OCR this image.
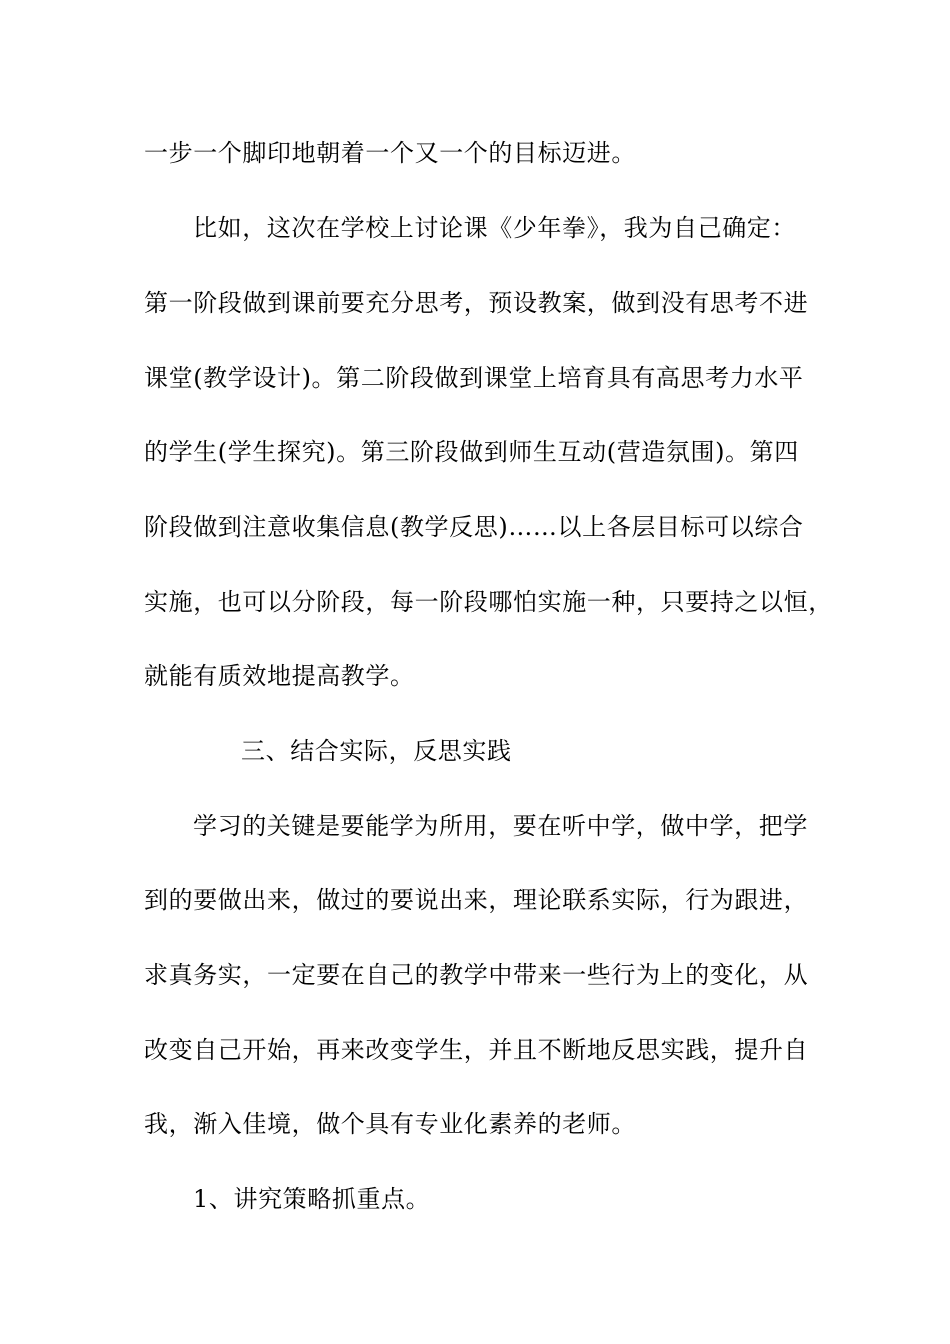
一步一个脚印地朝着一个又一个的目标迈进。
比如，这次在学校上讨论课《少年拳》，我为自己确定：
第一阶段做到课前要充分思考，预设教案，做到没有思考不进
课堂(教学设计)。第二阶段做到课堂上培育具有高思考力水平
的学生(学生探究)。第三阶段做到师生互动(营造氛围)。第四
阶段做到注意收集信息(教学反思)……以上各层目标可以综合
实施，也可以分阶段，每一阶段哪怕实施一种，只要持之以恒，
就能有质效地提高教学。
三、结合实际，反思实践
学习的关键是要能学为所用，要在听中学，做中学，把学
到的要做出来，做过的要说出来，理论联系实际，行为跟进，
求真务实，一定要在自己的教学中带来一些行为上的变化，从
改变自己开始，再来改变学生，并且不断地反思实践，提升自
我，渐入佳境，做个具有专业化素养的老师。
1、讲究策略抓重点。
